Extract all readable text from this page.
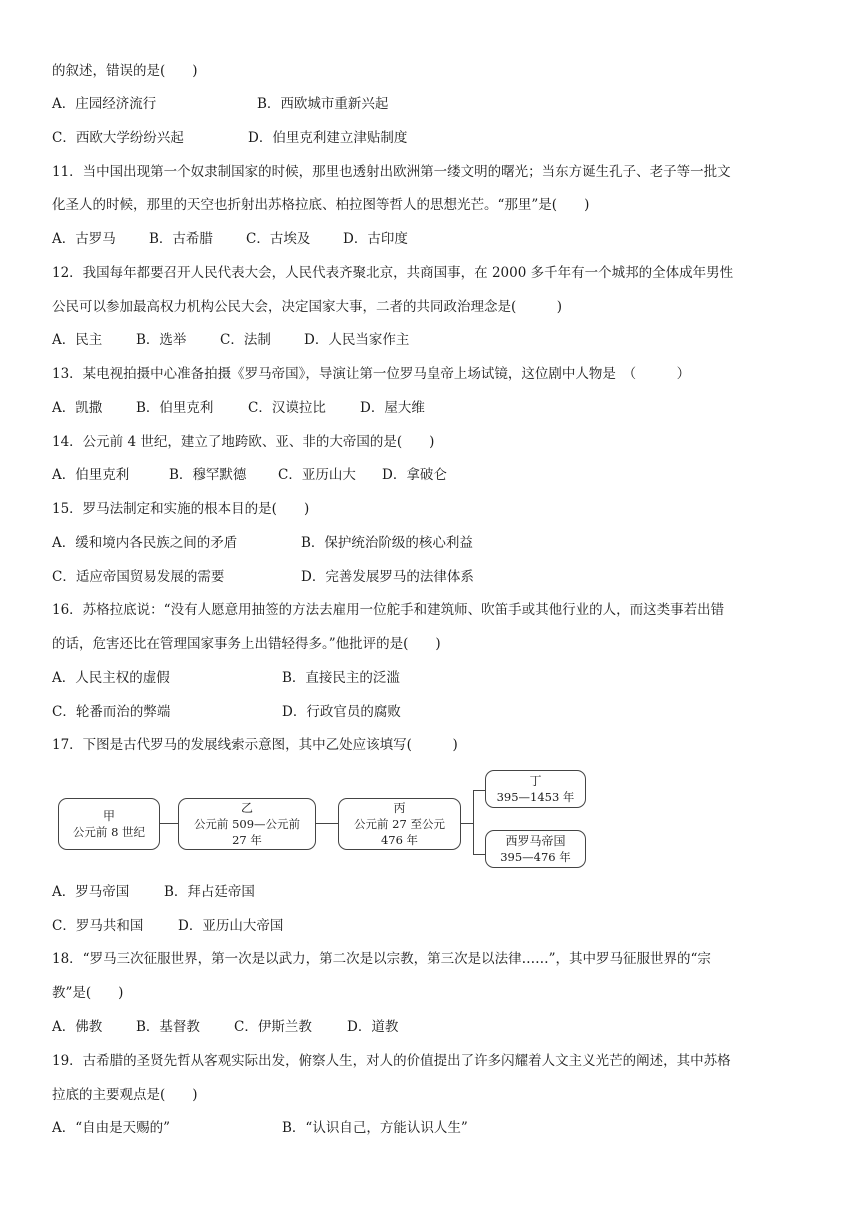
的叙述，错误的是(　　)
A．庄园经济流行	B．西欧城市重新兴起
C．西欧大学纷纷兴起	D．伯里克利建立津贴制度
11．当中国出现第一个奴隶制国家的时候，那里也透射出欧洲第一缕文明的曙光；当东方诞生孔子、老子等一批文
化圣人的时候，那里的天空也折射出苏格拉底、柏拉图等哲人的思想光芒。“那里”是(　　)
A．古罗马 B．古希腊 C．古埃及 D．古印度
12．我国每年都要召开人民代表大会，人民代表齐聚北京，共商国事，在 2000 多千年有一个城邦的全体成年男性
公民可以参加最高权力机构公民大会，决定国家大事，二者的共同政治理念是(　　　)
A．民主	B．选举 C．法制 D．人民当家作主
13．某电视拍摄中心准备拍摄《罗马帝国》，导演让第一位罗马皇帝上场试镜，这位剧中人物是　（　　　）
A．凯撒	B．伯里克利	C．汉谟拉比	D．屋大维
14．公元前 4 世纪，建立了地跨欧、亚、非的大帝国的是(　　)
A．伯里克利	B．穆罕默德 C．亚历山大 D．拿破仑
15．罗马法制定和实施的根本目的是(　　)
A．缓和境内各民族之间的矛盾	B．保护统治阶级的核心利益
C．适应帝国贸易发展的需要	D．完善发展罗马的法律体系
16．苏格拉底说：“没有人愿意用抽签的方法去雇用一位舵手和建筑师、吹笛手或其他行业的人，而这类事若出错
的话，危害还比在管理国家事务上出错轻得多。”他批评的是(　　)
A．人民主权的虚假	B．直接民主的泛滥
C．轮番而治的弊端	D．行政官员的腐败
17．下图是古代罗马的发展线索示意图，其中乙处应该填写(　　　)
甲
公元前 8 世纪
乙
公元前 509—公元前
27 年
丙
公元前 27 至公元
476 年
丁
395—1453 年
西罗马帝国
395—476 年
A．罗马帝国	B．拜占廷帝国
C．罗马共和国	D．亚历山大帝国
18．“罗马三次征服世界，第一次是以武力，第二次是以宗教，第三次是以法律……”，其中罗马征服世界的“宗
教”是(　　)
A．佛教	B．基督教	C．伊斯兰教	D．道教
19．古希腊的圣贤先哲从客观实际出发，俯察人生，对人的价值提出了许多闪耀着人文主义光芒的阐述，其中苏格
拉底的主要观点是(　　)
A．“自由是天赐的”	B．“认识自己，方能认识人生”
